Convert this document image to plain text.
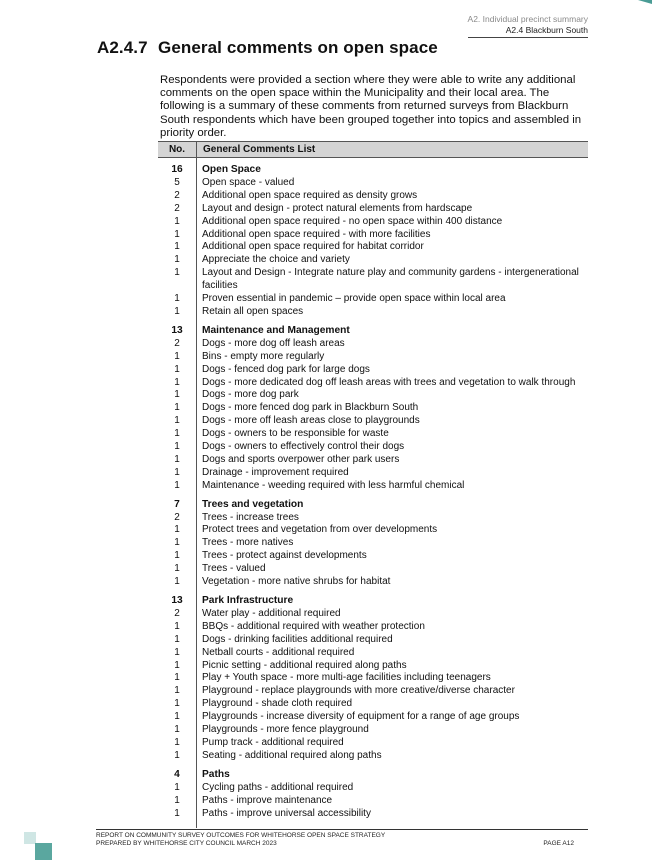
A2. Individual precinct summary
A2.4 Blackburn South
A2.4.7 General comments on open space
Respondents were provided a section where they were able to write any additional comments on the open space within the Municipality and their local area. The following is a summary of these comments from returned surveys from Blackburn South respondents which have been grouped together into topics and assembled in priority order.
No.	General Comments List
16	Open Space
5	Open space - valued
2	Additional open space required as density grows
2	Layout and design - protect natural elements from hardscape
1	Additional open space required - no open space within 400 distance
1	Additional open space required - with more facilities
1	Additional open space required for habitat corridor
1	Appreciate the choice and variety
1	Layout and Design - Integrate nature play and community gardens - intergenerational facilities
1	Proven essential in pandemic – provide open space within local area
1	Retain all open spaces
13	Maintenance and Management
2	Dogs - more dog off leash areas
1	Bins - empty more regularly
1	Dogs - fenced dog park for large dogs
1	Dogs - more dedicated dog off leash areas with trees and vegetation to walk through
1	Dogs - more dog park
1	Dogs - more fenced dog park in Blackburn South
1	Dogs - more off leash areas close to playgrounds
1	Dogs - owners to be responsible for waste
1	Dogs - owners to effectively control their dogs
1	Dogs and sports overpower other park users
1	Drainage - improvement required
1	Maintenance - weeding required with less harmful chemical
7	Trees and vegetation
2	Trees - increase trees
1	Protect trees and vegetation from over developments
1	Trees - more natives
1	Trees - protect against developments
1	Trees - valued
1	Vegetation - more native shrubs for habitat
13	Park Infrastructure
2	Water play - additional required
1	BBQs - additional required with weather protection
1	Dogs - drinking facilities additional required
1	Netball courts - additional required
1	Picnic setting - additional required along paths
1	Play + Youth space - more multi-age facilities including teenagers
1	Playground - replace playgrounds with more creative/diverse character
1	Playground - shade cloth required
1	Playgrounds - increase diversity of equipment for a range of age groups
1	Playgrounds - more fence playground
1	Pump track - additional required
1	Seating - additional required along paths
4	Paths
1	Cycling paths - additional required
1	Paths - improve maintenance
1	Paths - improve universal accessibility
REPORT ON COMMUNITY SURVEY OUTCOMES FOR WHITEHORSE OPEN SPACE STRATEGY
PREPARED BY WHITEHORSE CITY COUNCIL MARCH 2023	PAGE A12
